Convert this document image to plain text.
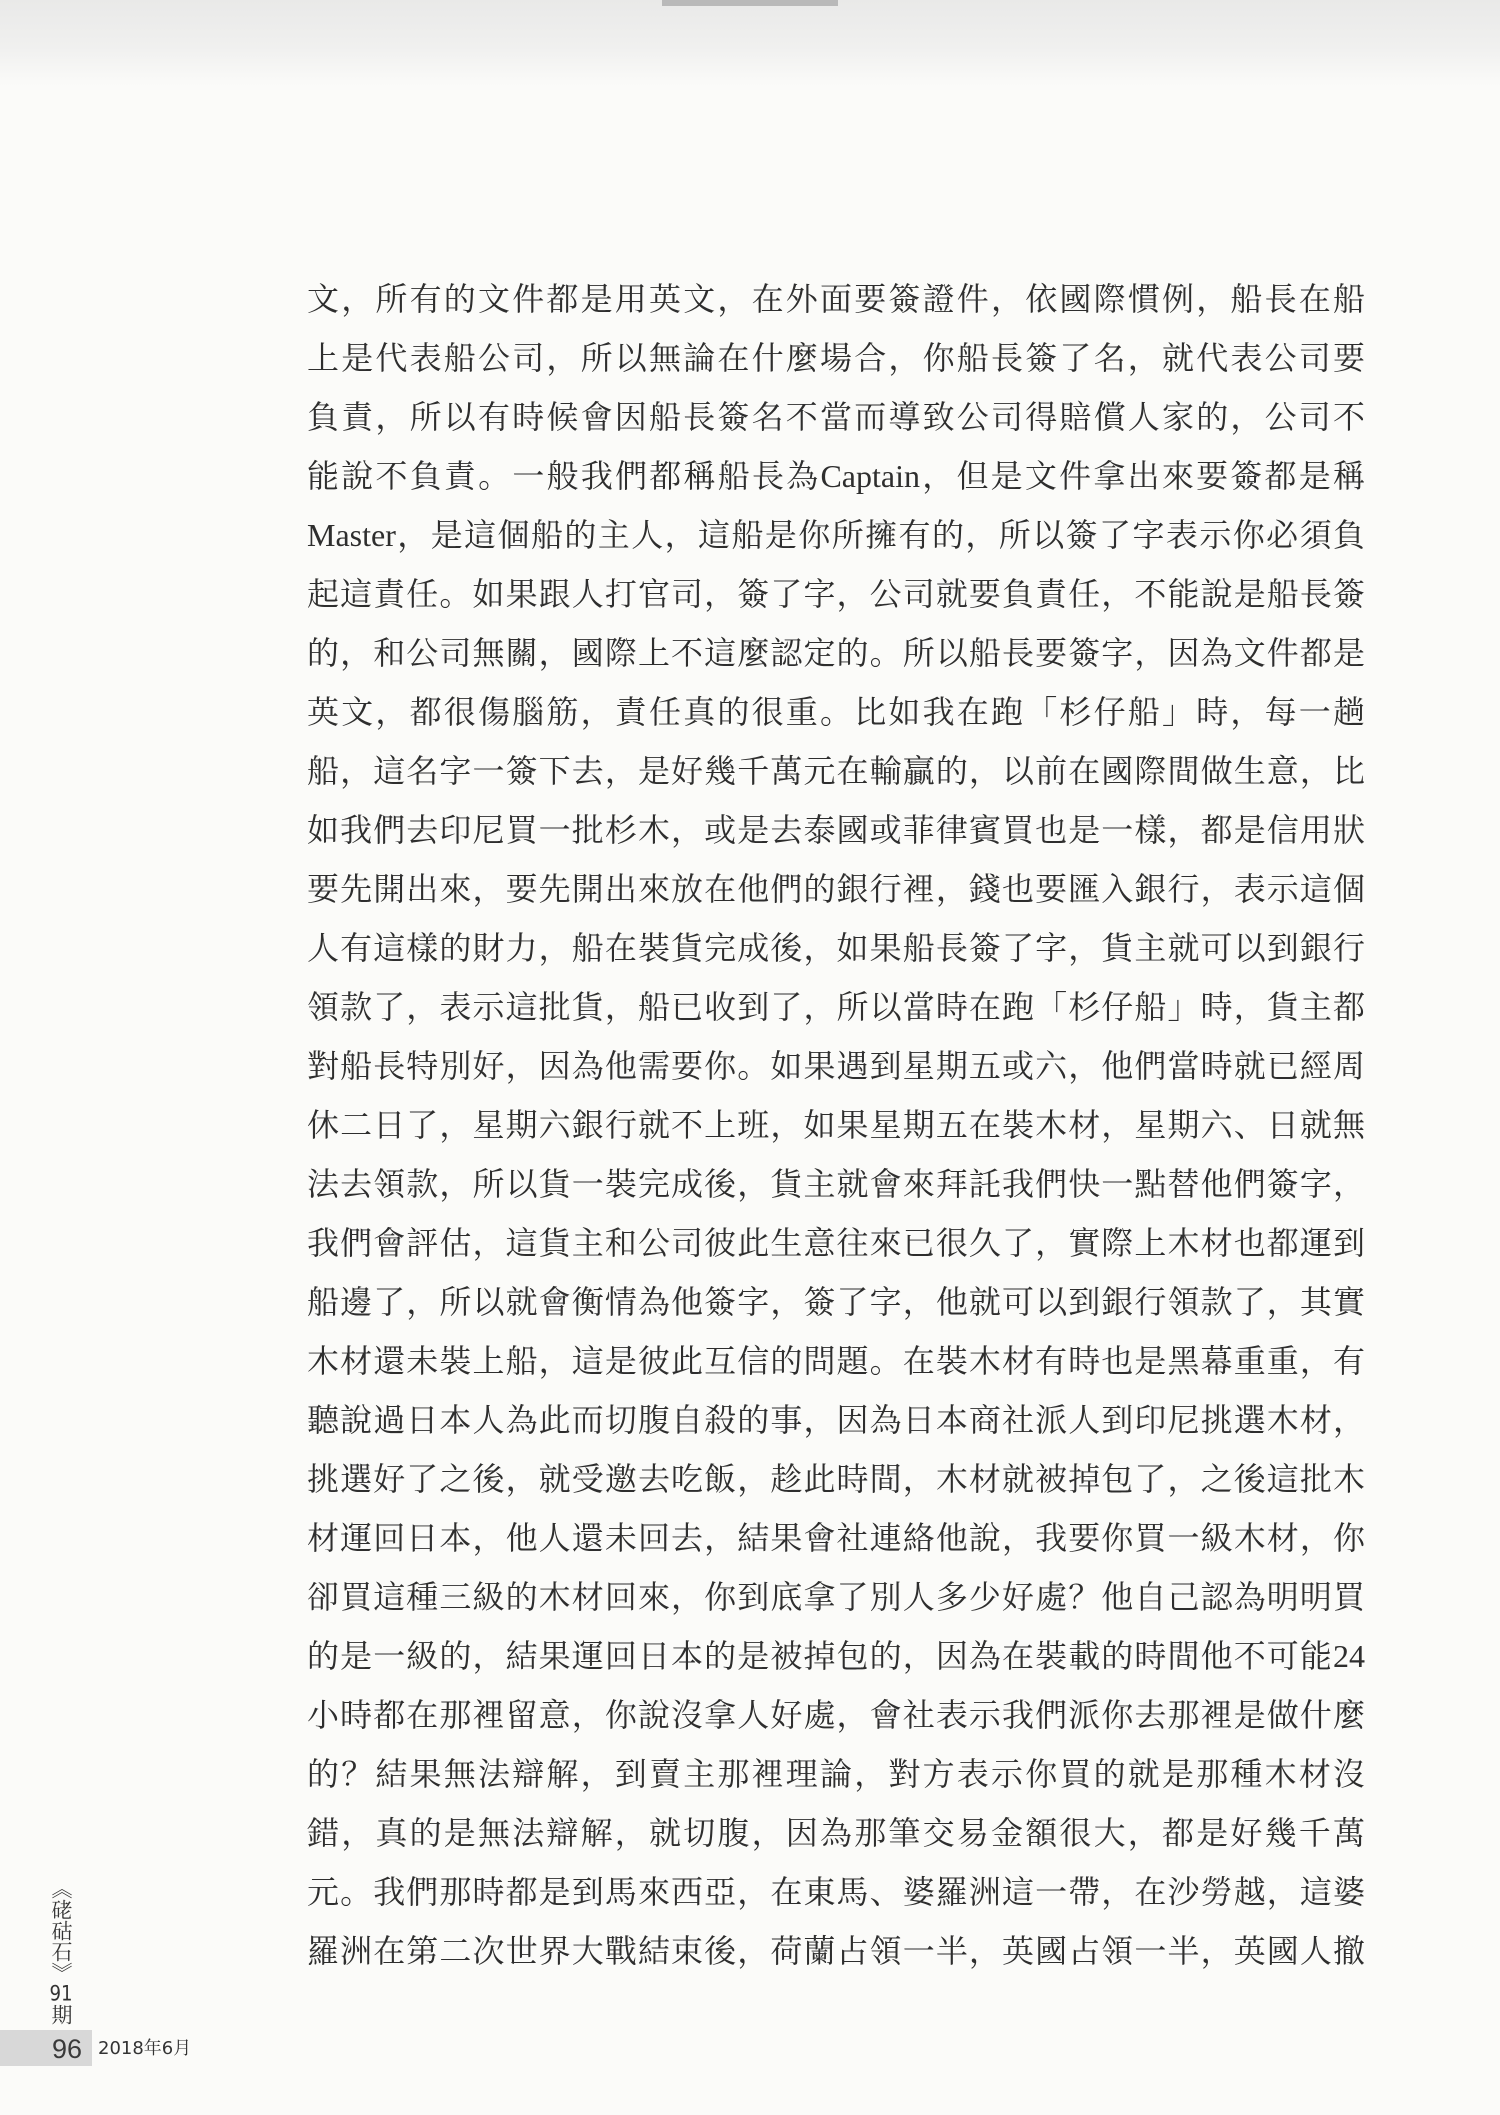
文，所有的文件都是用英文，在外面要簽證件，依國際慣例，船長在船
上是代表船公司，所以無論在什麼場合，你船長簽了名，就代表公司要
負責，所以有時候會因船長簽名不當而導致公司得賠償人家的，公司不
能說不負責。一般我們都稱船長為Captain，但是文件拿出來要簽都是稱
Master，是這個船的主人，這船是你所擁有的，所以簽了字表示你必須負
起這責任。如果跟人打官司，簽了字，公司就要負責任，不能說是船長簽
的，和公司無關，國際上不這麼認定的。所以船長要簽字，因為文件都是
英文，都很傷腦筋，責任真的很重。比如我在跑「杉仔船」時，每一趟
船，這名字一簽下去，是好幾千萬元在輸贏的，以前在國際間做生意，比
如我們去印尼買一批杉木，或是去泰國或菲律賓買也是一樣，都是信用狀
要先開出來，要先開出來放在他們的銀行裡，錢也要匯入銀行，表示這個
人有這樣的財力，船在裝貨完成後，如果船長簽了字，貨主就可以到銀行
領款了，表示這批貨，船已收到了，所以當時在跑「杉仔船」時，貨主都
對船長特別好，因為他需要你。如果遇到星期五或六，他們當時就已經周
休二日了，星期六銀行就不上班，如果星期五在裝木材，星期六、日就無
法去領款，所以貨一裝完成後，貨主就會來拜託我們快一點替他們簽字，
我們會評估，這貨主和公司彼此生意往來已很久了，實際上木材也都運到
船邊了，所以就會衡情為他簽字，簽了字，他就可以到銀行領款了，其實
木材還未裝上船，這是彼此互信的問題。在裝木材有時也是黑幕重重，有
聽說過日本人為此而切腹自殺的事，因為日本商社派人到印尼挑選木材，
挑選好了之後，就受邀去吃飯，趁此時間，木材就被掉包了，之後這批木
材運回日本，他人還未回去，結果會社連絡他說，我要你買一級木材，你
卻買這種三級的木材回來，你到底拿了別人多少好處？他自己認為明明買
的是一級的，結果運回日本的是被掉包的，因為在裝載的時間他不可能24
小時都在那裡留意，你說沒拿人好處，會社表示我們派你去那裡是做什麼
的？結果無法辯解，到賣主那裡理論，對方表示你買的就是那種木材沒
錯，真的是無法辯解，就切腹，因為那筆交易金額很大，都是好幾千萬
元。我們那時都是到馬來西亞，在東馬、婆羅洲這一帶，在沙勞越，這婆
羅洲在第二次世界大戰結束後，荷蘭占領一半，英國占領一半，英國人撤
《硓𥑮石》91期
96 2018年6月
